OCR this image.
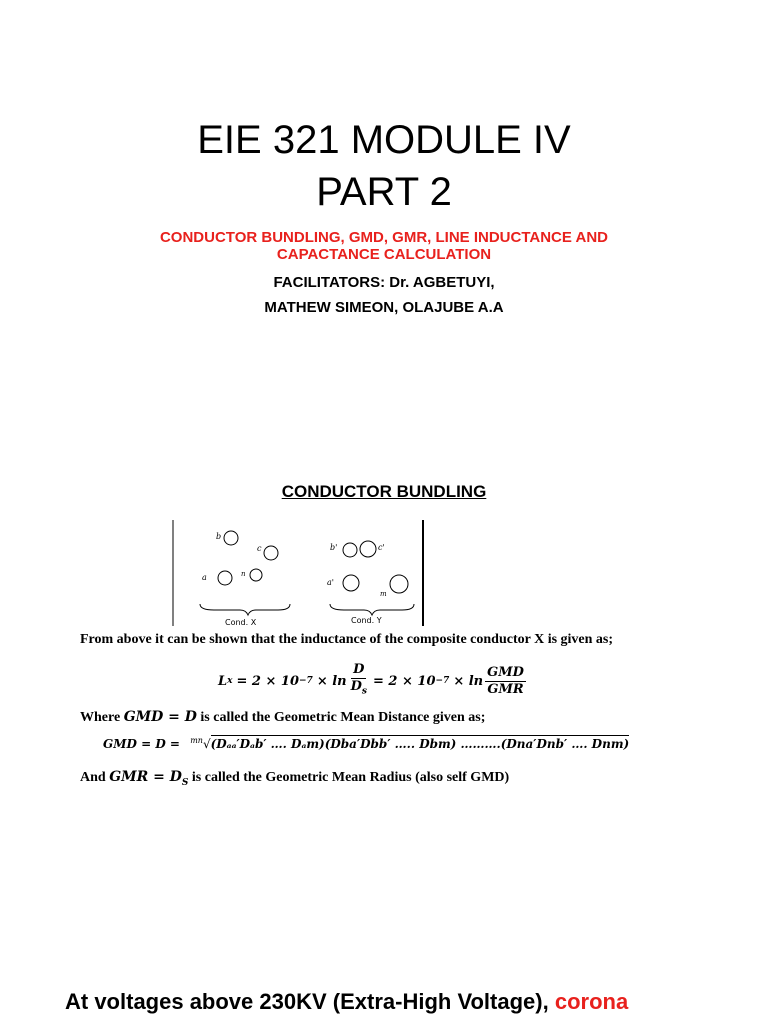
EIE 321 MODULE IV
PART 2
CONDUCTOR BUNDLING, GMD, GMR, LINE INDUCTANCE AND CAPACTANCE CALCULATION
FACILITATORS: Dr. AGBETUYI,
MATHEW SIMEON, OLAJUBE A.A
CONDUCTOR BUNDLING
b
c
a	n
b'	c'
a'
m
Cond. X	Cond. Y
From above it can be shown that the inductance of the composite conductor X is given as;
L $x = 2 \times 10 -7 \times \ln \frac{D}{D_s} = 2 \times 10 -7 \times \ln \frac{\text{GMD}}{\text{GMR}}$
Where GMD = D is called the Geometric Mean Distance given as;
GMD = D = $^{mn}$√(Dₐₐ′Dₐb′ …. Dₐm)(Dba′Dbb′ ….. Dbm) ……….(Dna′Dnb′ …. Dnm)
And GMR = $D_S$ is called the Geometric Mean Radius (also self GMD)
At voltages above 230KV (Extra-High Voltage), corona
